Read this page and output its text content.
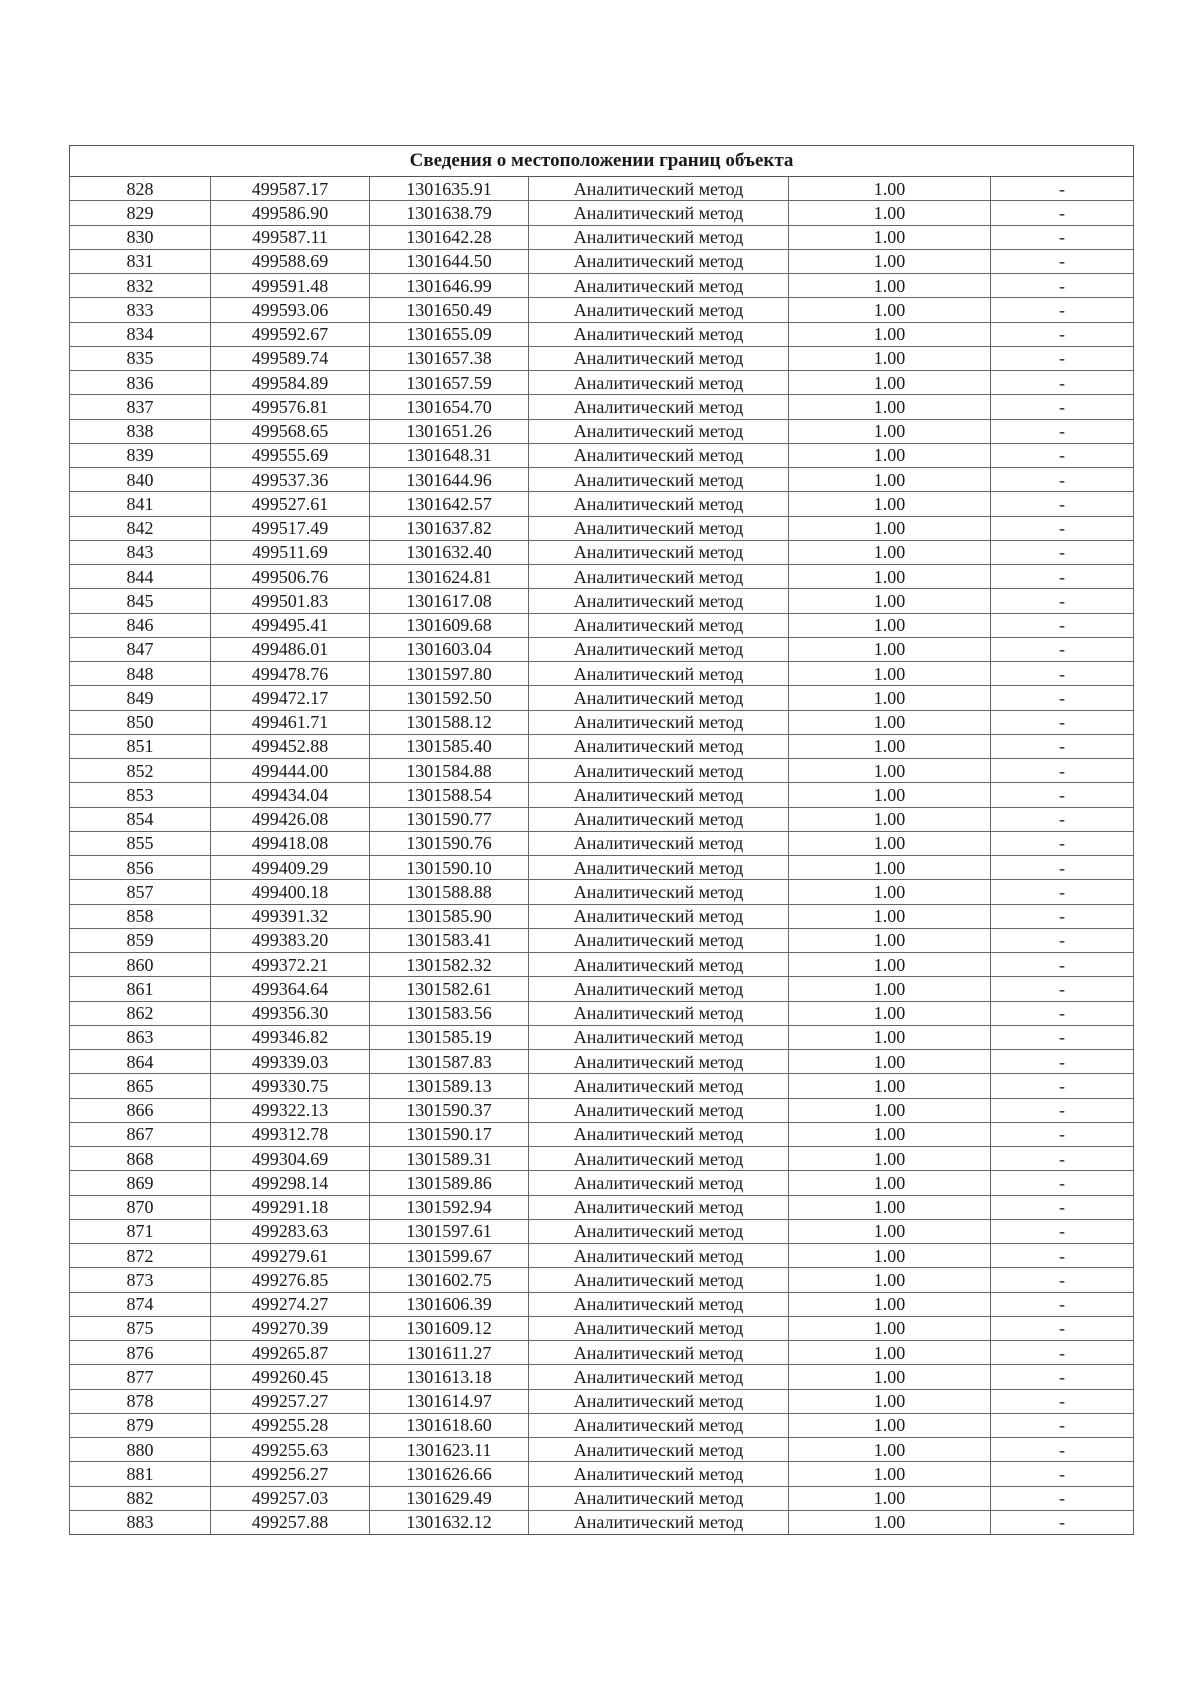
Сведения о местоположении границ объекта					
828	499587.17	1301635.91	Аналитический метод	1.00	-
829	499586.90	1301638.79	Аналитический метод	1.00	-
830	499587.11	1301642.28	Аналитический метод	1.00	-
831	499588.69	1301644.50	Аналитический метод	1.00	-
832	499591.48	1301646.99	Аналитический метод	1.00	-
833	499593.06	1301650.49	Аналитический метод	1.00	-
834	499592.67	1301655.09	Аналитический метод	1.00	-
835	499589.74	1301657.38	Аналитический метод	1.00	-
836	499584.89	1301657.59	Аналитический метод	1.00	-
837	499576.81	1301654.70	Аналитический метод	1.00	-
838	499568.65	1301651.26	Аналитический метод	1.00	-
839	499555.69	1301648.31	Аналитический метод	1.00	-
840	499537.36	1301644.96	Аналитический метод	1.00	-
841	499527.61	1301642.57	Аналитический метод	1.00	-
842	499517.49	1301637.82	Аналитический метод	1.00	-
843	499511.69	1301632.40	Аналитический метод	1.00	-
844	499506.76	1301624.81	Аналитический метод	1.00	-
845	499501.83	1301617.08	Аналитический метод	1.00	-
846	499495.41	1301609.68	Аналитический метод	1.00	-
847	499486.01	1301603.04	Аналитический метод	1.00	-
848	499478.76	1301597.80	Аналитический метод	1.00	-
849	499472.17	1301592.50	Аналитический метод	1.00	-
850	499461.71	1301588.12	Аналитический метод	1.00	-
851	499452.88	1301585.40	Аналитический метод	1.00	-
852	499444.00	1301584.88	Аналитический метод	1.00	-
853	499434.04	1301588.54	Аналитический метод	1.00	-
854	499426.08	1301590.77	Аналитический метод	1.00	-
855	499418.08	1301590.76	Аналитический метод	1.00	-
856	499409.29	1301590.10	Аналитический метод	1.00	-
857	499400.18	1301588.88	Аналитический метод	1.00	-
858	499391.32	1301585.90	Аналитический метод	1.00	-
859	499383.20	1301583.41	Аналитический метод	1.00	-
860	499372.21	1301582.32	Аналитический метод	1.00	-
861	499364.64	1301582.61	Аналитический метод	1.00	-
862	499356.30	1301583.56	Аналитический метод	1.00	-
863	499346.82	1301585.19	Аналитический метод	1.00	-
864	499339.03	1301587.83	Аналитический метод	1.00	-
865	499330.75	1301589.13	Аналитический метод	1.00	-
866	499322.13	1301590.37	Аналитический метод	1.00	-
867	499312.78	1301590.17	Аналитический метод	1.00	-
868	499304.69	1301589.31	Аналитический метод	1.00	-
869	499298.14	1301589.86	Аналитический метод	1.00	-
870	499291.18	1301592.94	Аналитический метод	1.00	-
871	499283.63	1301597.61	Аналитический метод	1.00	-
872	499279.61	1301599.67	Аналитический метод	1.00	-
873	499276.85	1301602.75	Аналитический метод	1.00	-
874	499274.27	1301606.39	Аналитический метод	1.00	-
875	499270.39	1301609.12	Аналитический метод	1.00	-
876	499265.87	1301611.27	Аналитический метод	1.00	-
877	499260.45	1301613.18	Аналитический метод	1.00	-
878	499257.27	1301614.97	Аналитический метод	1.00	-
879	499255.28	1301618.60	Аналитический метод	1.00	-
880	499255.63	1301623.11	Аналитический метод	1.00	-
881	499256.27	1301626.66	Аналитический метод	1.00	-
882	499257.03	1301629.49	Аналитический метод	1.00	-
883	499257.88	1301632.12	Аналитический метод	1.00	-
